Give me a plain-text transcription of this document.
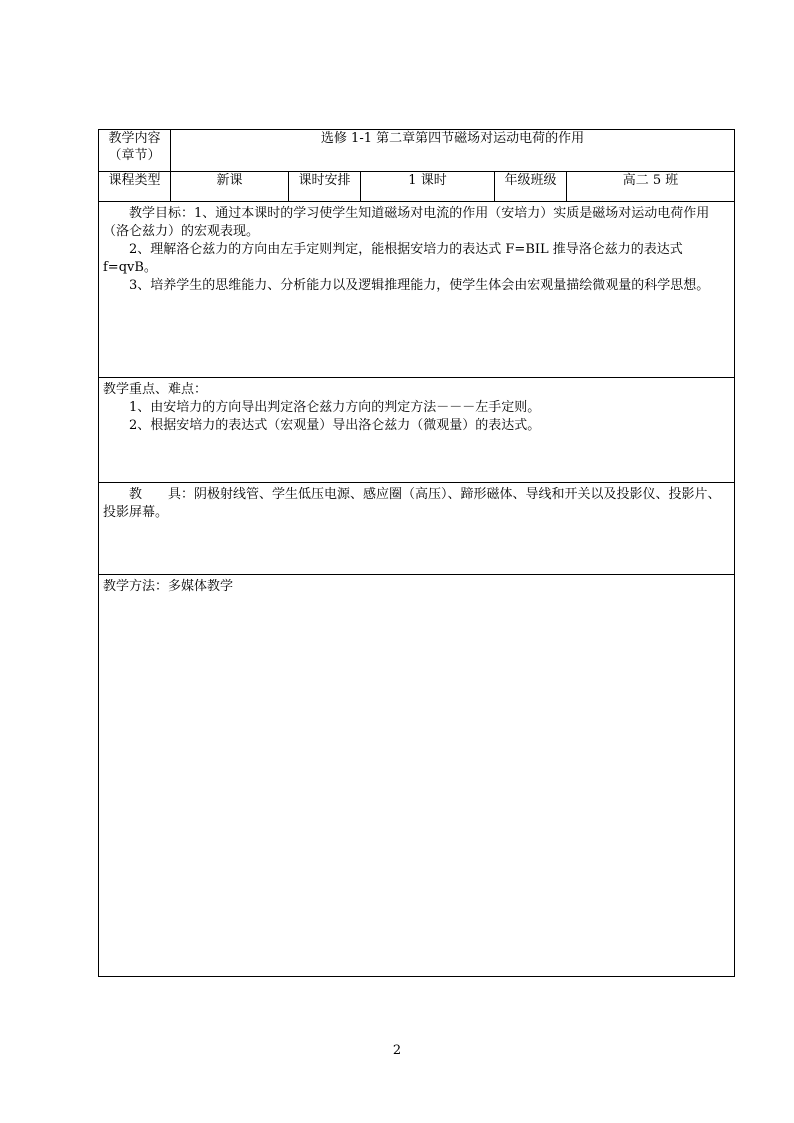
教学内容
（章节）	选修 1-1 第二章第四节磁场对运动电荷的作用				
课程类型	新课	课时安排	1 课时	年级班级	高二 5 班

教学目标：1、通过本课时的学习使学生知道磁场对电流的作用（安培力）实质是磁场对运动电荷作用（洛仑兹力）的宏观表现。

2、理解洛仑兹力的方向由左手定则判定，能根据安培力的表达式 F=BIL 推导洛仑兹力的表达式 f=qvB。

3、培养学生的思维能力、分析能力以及逻辑推理能力，使学生体会由宏观量描绘微观量的科学思想。					

教学重点、难点：

1、由安培力的方向导出判定洛仑兹力方向的判定方法－－－左手定则。

2、根据安培力的表达式（宏观量）导出洛仑兹力（微观量）的表达式。					

教　　具：阴极射线管、学生低压电源、感应圈（高压）、蹄形磁体、导线和开关以及投影仪、投影片、投影屏幕。					

教学方法：多媒体教学					

2
